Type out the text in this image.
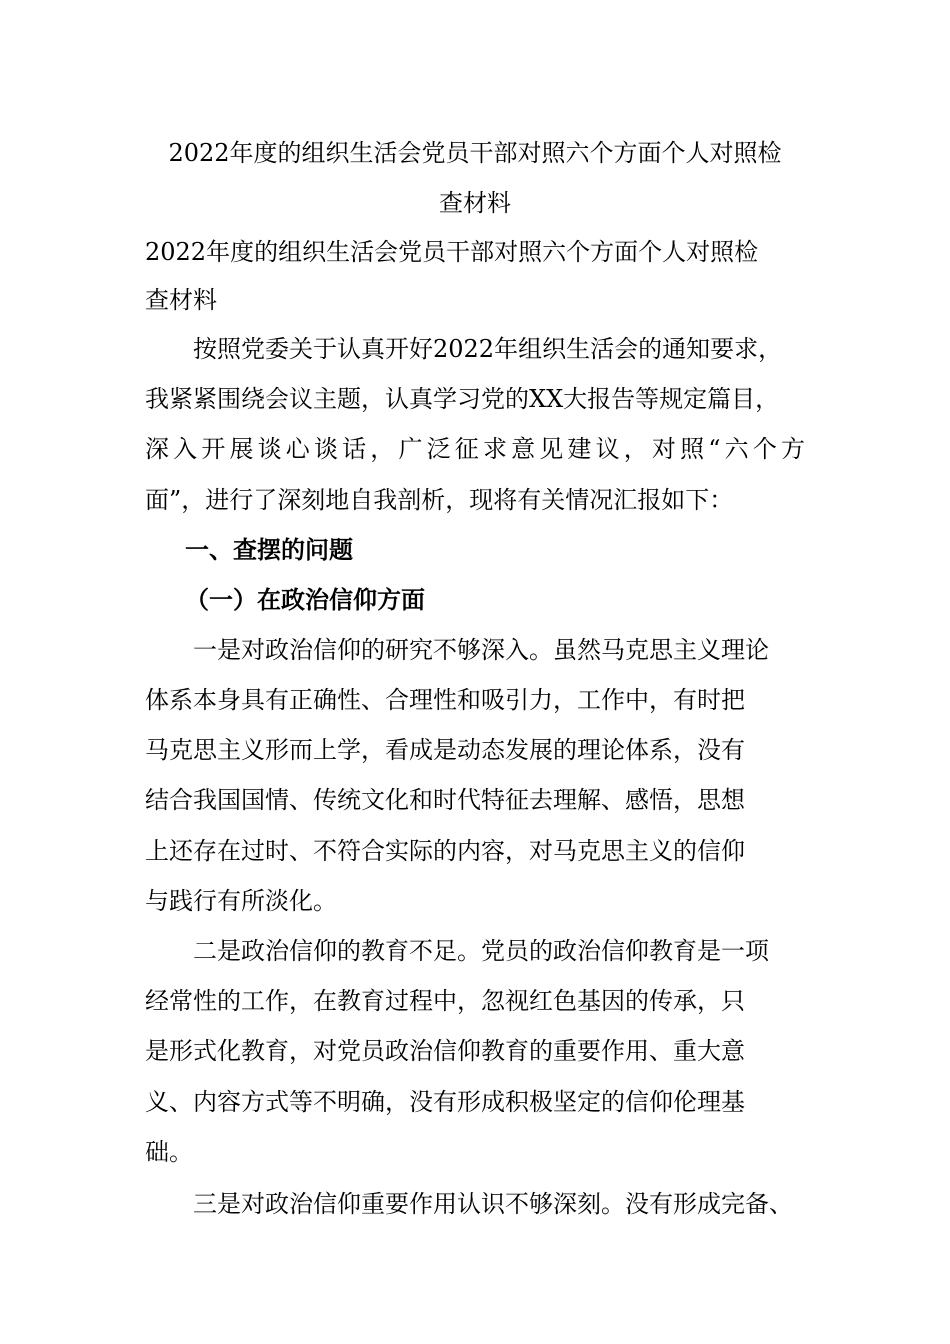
2022年度的组织生活会党员干部对照六个方面个人对照检
查材料
2022年度的组织生活会党员干部对照六个方面个人对照检
查材料

按照党委关于认真开好2022年组织生活会的通知要求，
我紧紧围绕会议主题，认真学习党的XX大报告等规定篇目，
深入开展谈心谈话，广泛征求意见建议，对照“六个方
面”，进行了深刻地自我剖析，现将有关情况汇报如下：

一、查摆的问题
（一）在政治信仰方面

一是对政治信仰的研究不够深入。虽然马克思主义理论
体系本身具有正确性、合理性和吸引力，工作中，有时把
马克思主义形而上学，看成是动态发展的理论体系，没有
结合我国国情、传统文化和时代特征去理解、感悟，思想
上还存在过时、不符合实际的内容，对马克思主义的信仰
与践行有所淡化。

二是政治信仰的教育不足。党员的政治信仰教育是一项
经常性的工作，在教育过程中，忽视红色基因的传承，只
是形式化教育，对党员政治信仰教育的重要作用、重大意
义、内容方式等不明确，没有形成积极坚定的信仰伦理基
础。

三是对政治信仰重要作用认识不够深刻。没有形成完备、
